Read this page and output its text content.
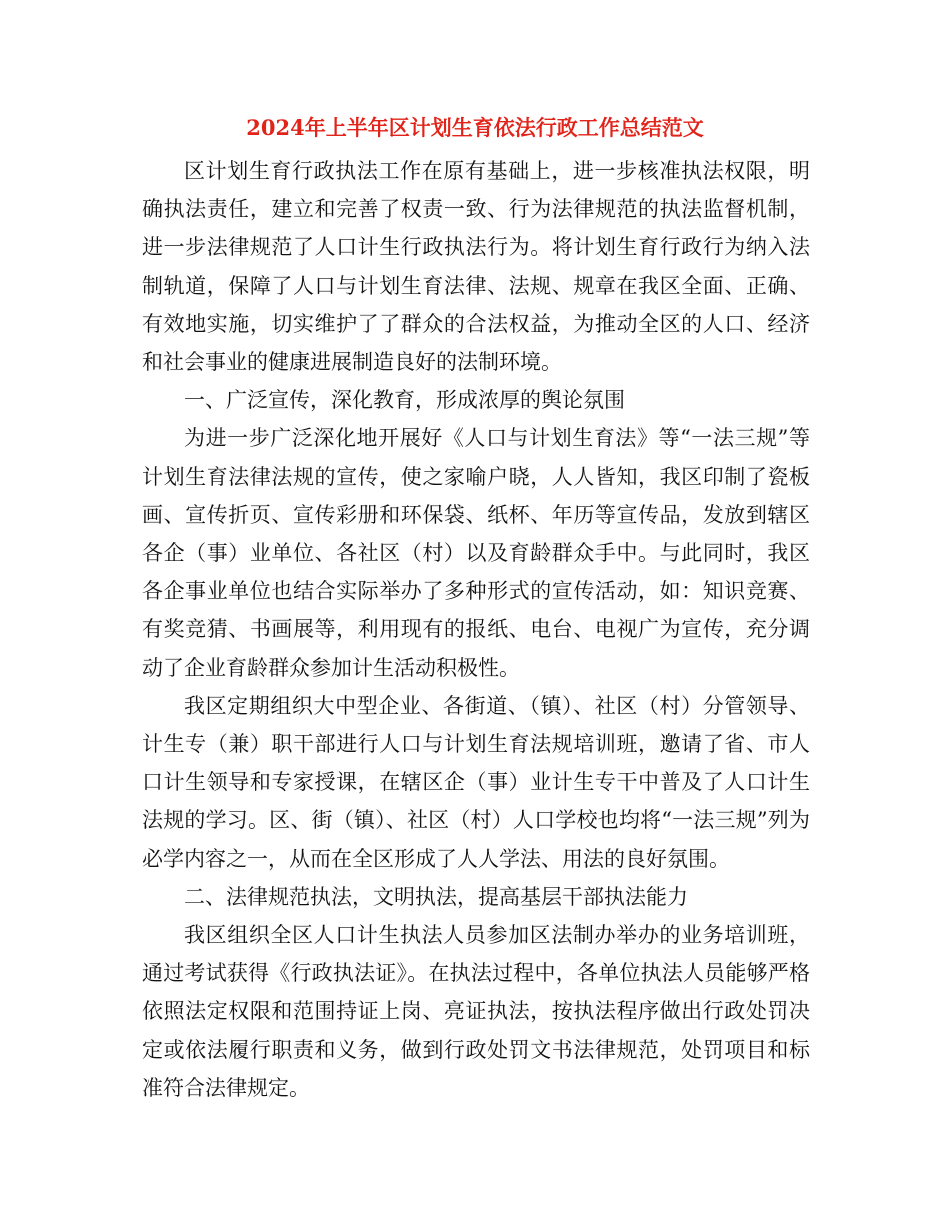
2024年上半年区计划生育依法行政工作总结范文

区计划生育行政执法工作在原有基础上，进一步核准执法权限，明确执法责任，建立和完善了权责一致、行为法律规范的执法监督机制，进一步法律规范了人口计生行政执法行为。将计划生育行政行为纳入法制轨道，保障了人口与计划生育法律、法规、规章在我区全面、正确、有效地实施，切实维护了了群众的合法权益，为推动全区的人口、经济和社会事业的健康进展制造良好的法制环境。

一、广泛宣传，深化教育，形成浓厚的舆论氛围

为进一步广泛深化地开展好《人口与计划生育法》等“一法三规”等计划生育法律法规的宣传，使之家喻户晓，人人皆知，我区印制了瓷板画、宣传折页、宣传彩册和环保袋、纸杯、年历等宣传品，发放到辖区各企（事）业单位、各社区（村）以及育龄群众手中。与此同时，我区各企事业单位也结合实际举办了多种形式的宣传活动，如：知识竞赛、有奖竞猜、书画展等，利用现有的报纸、电台、电视广为宣传，充分调动了企业育龄群众参加计生活动积极性。

我区定期组织大中型企业、各街道、（镇）、社区（村）分管领导、计生专（兼）职干部进行人口与计划生育法规培训班，邀请了省、市人口计生领导和专家授课，在辖区企（事）业计生专干中普及了人口计生法规的学习。区、街（镇）、社区（村）人口学校也均将“一法三规”列为必学内容之一，从而在全区形成了人人学法、用法的良好氛围。

二、法律规范执法，文明执法，提高基层干部执法能力

我区组织全区人口计生执法人员参加区法制办举办的业务培训班，通过考试获得《行政执法证》。在执法过程中，各单位执法人员能够严格依照法定权限和范围持证上岗、亮证执法，按执法程序做出行政处罚决定或依法履行职责和义务，做到行政处罚文书法律规范，处罚项目和标准符合法律规定。
